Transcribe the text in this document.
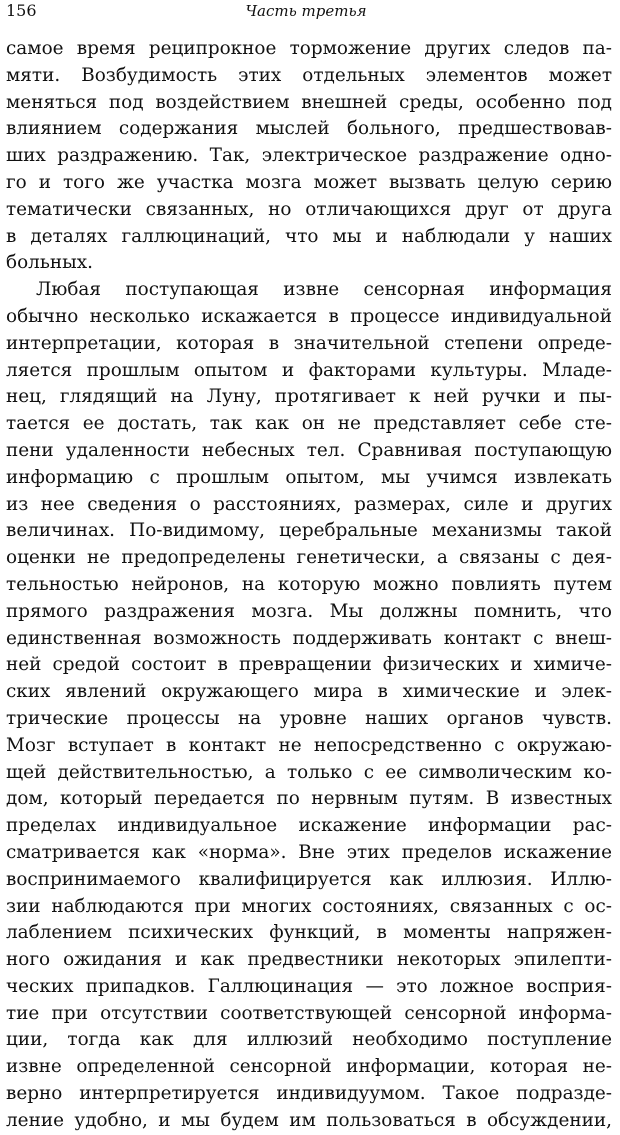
156	Часть третья
самое время реципрокное торможение других следов па-
мяти. Возбудимость этих отдельных элементов может
меняться под воздействием внешней среды, особенно под
влиянием содержания мыслей больного, предшествовав-
ших раздражению. Так, электрическое раздражение одно-
го и того же участка мозга может вызвать целую серию
тематически связанных, но отличающихся друг от друга
в деталях галлюцинаций, что мы и наблюдали у наших
больных.
Любая поступающая извне сенсорная информация
обычно несколько искажается в процессе индивидуальной
интерпретации, которая в значительной степени опреде-
ляется прошлым опытом и факторами культуры. Младе-
нец, глядящий на Луну, протягивает к ней ручки и пы-
тается ее достать, так как он не представляет себе сте-
пени удаленности небесных тел. Сравнивая поступающую
информацию с прошлым опытом, мы учимся извлекать
из нее сведения о расстояниях, размерах, силе и других
величинах. По-видимому, церебральные механизмы такой
оценки не предопределены генетически, а связаны с дея-
тельностью нейронов, на которую можно повлиять путем
прямого раздражения мозга. Мы должны помнить, что
единственная возможность поддерживать контакт с внеш-
ней средой состоит в превращении физических и химиче-
ских явлений окружающего мира в химические и элек-
трические процессы на уровне наших органов чувств.
Мозг вступает в контакт не непосредственно с окружаю-
щей действительностью, а только с ее символическим ко-
дом, который передается по нервным путям. В известных
пределах индивидуальное искажение информации рас-
сматривается как «норма». Вне этих пределов искажение
воспринимаемого квалифицируется как иллюзия. Иллю-
зии наблюдаются при многих состояниях, связанных с ос-
лаблением психических функций, в моменты напряжен-
ного ожидания и как предвестники некоторых эпилепти-
ческих припадков. Галлюцинация — это ложное восприя-
тие при отсутствии соответствующей сенсорной информа-
ции, тогда как для иллюзий необходимо поступление
извне определенной сенсорной информации, которая не-
верно интерпретируется индивидуумом. Такое подразде-
ление удобно, и мы будем им пользоваться в обсуждении,
